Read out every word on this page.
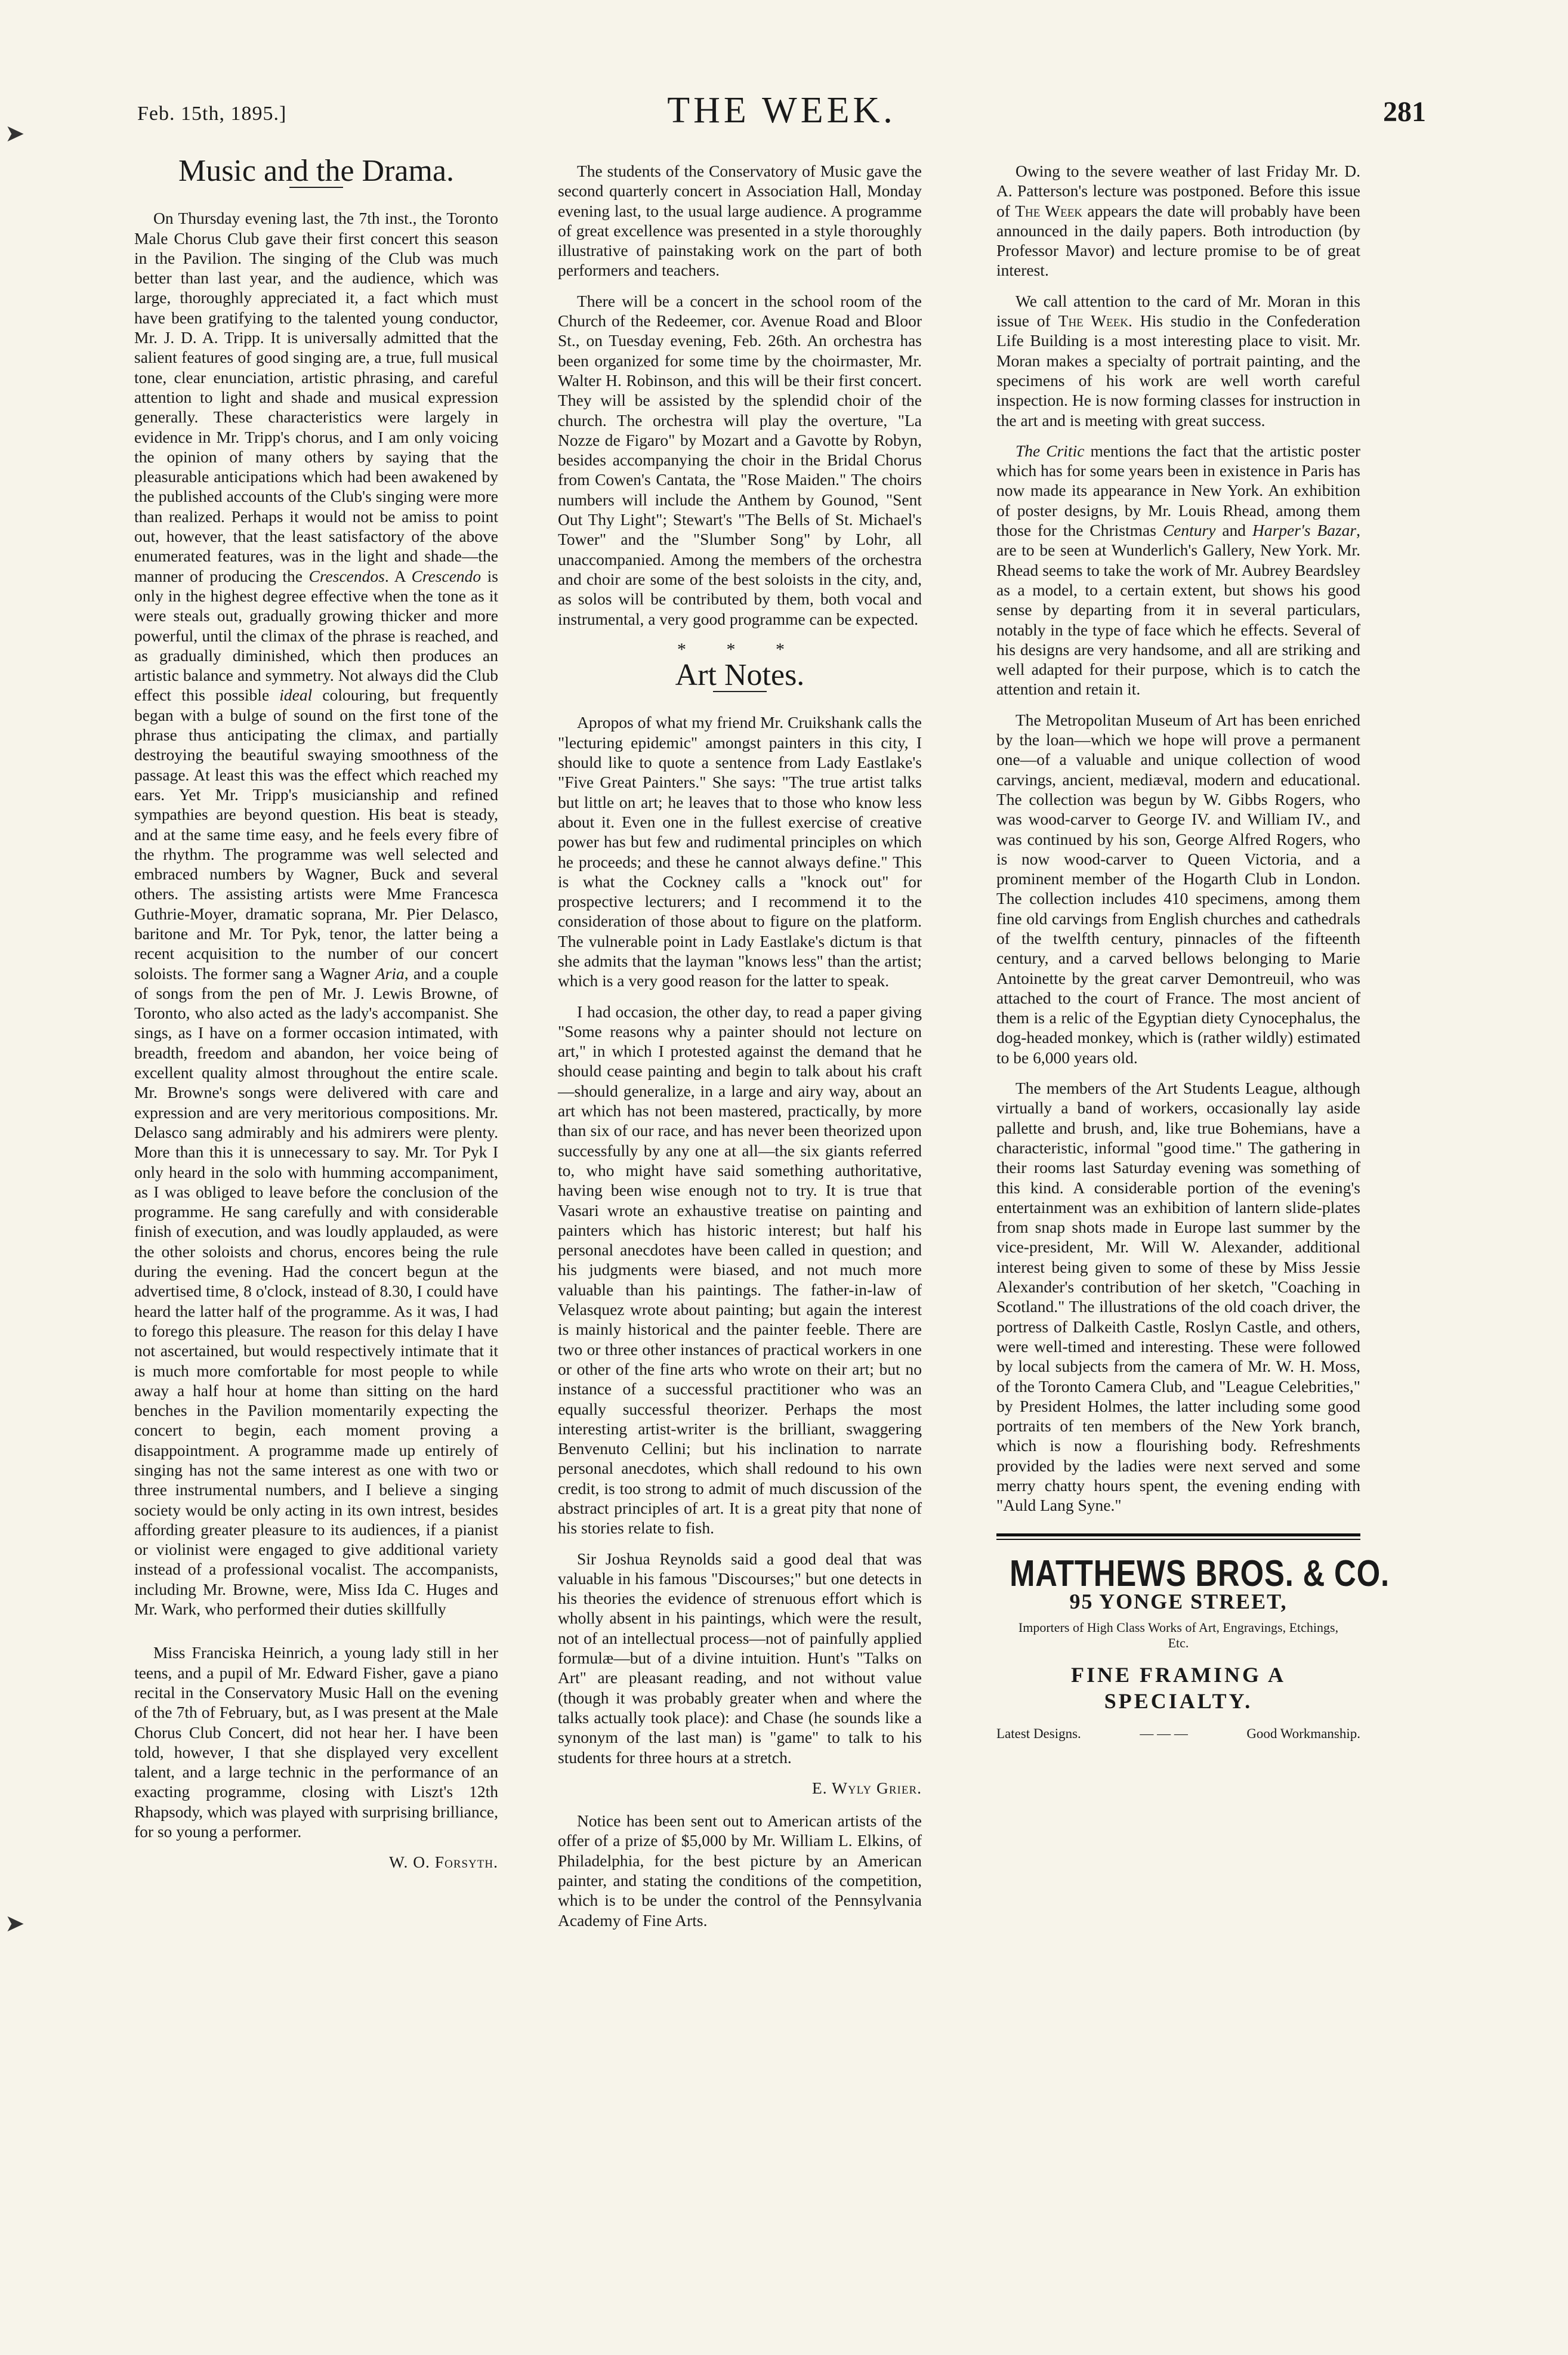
➤
➤
Feb. 15th, 1895.]	THE WEEK.	281
Music and the Drama.

On Thursday evening last, the 7th inst., the Toronto Male Chorus Club gave their first concert this season in the Pavilion. The singing of the Club was much better than last year, and the audience, which was large, thoroughly appreciated it, a fact which must have been gratifying to the talented young conductor, Mr. J. D. A. Tripp. It is universally admitted that the salient features of good singing are, a true, full musical tone, clear enunciation, artistic phrasing, and careful attention to light and shade and musical expression generally. These characteristics were largely in evidence in Mr. Tripp's chorus, and I am only voicing the opinion of many others by saying that the pleasurable anticipations which had been awakened by the published accounts of the Club's singing were more than realized. Perhaps it would not be amiss to point out, however, that the least satisfactory of the above enumerated features, was in the light and shade—the manner of producing the Crescendos. A Crescendo is only in the highest degree effective when the tone as it were steals out, gradually growing thicker and more powerful, until the climax of the phrase is reached, and as gradually diminished, which then produces an artistic balance and symmetry. Not always did the Club effect this possible ideal colouring, but frequently began with a bulge of sound on the first tone of the phrase thus anticipating the climax, and partially destroying the beautiful swaying smoothness of the passage. At least this was the effect which reached my ears. Yet Mr. Tripp's musicianship and refined sympathies are beyond question. His beat is steady, and at the same time easy, and he feels every fibre of the rhythm. The programme was well selected and embraced numbers by Wagner, Buck and several others. The assisting artists were Mme Francesca Guthrie-Moyer, dramatic soprana, Mr. Pier Delasco, baritone and Mr. Tor Pyk, tenor, the latter being a recent acquisition to the number of our concert soloists. The former sang a Wagner Aria, and a couple of songs from the pen of Mr. J. Lewis Browne, of Toronto, who also acted as the lady's accompanist. She sings, as I have on a former occasion intimated, with breadth, freedom and abandon, her voice being of excellent quality almost throughout the entire scale. Mr. Browne's songs were delivered with care and expression and are very meritorious compositions. Mr. Delasco sang admirably and his admirers were plenty. More than this it is unnecessary to say. Mr. Tor Pyk I only heard in the solo with humming accompaniment, as I was obliged to leave before the conclusion of the programme. He sang carefully and with considerable finish of execution, and was loudly applauded, as were the other soloists and chorus, encores being the rule during the evening. Had the concert begun at the advertised time, 8 o'clock, instead of 8.30, I could have heard the latter half of the programme. As it was, I had to forego this pleasure. The reason for this delay I have not ascertained, but would respectively intimate that it is much more comfortable for most people to while away a half hour at home than sitting on the hard benches in the Pavilion momentarily expecting the concert to begin, each moment proving a disappointment. A programme made up entirely of singing has not the same interest as one with two or three instrumental numbers, and I believe a singing society would be only acting in its own intrest, besides affording greater pleasure to its audiences, if a pianist or violinist were engaged to give additional variety instead of a professional vocalist. The accompanists, including Mr. Browne, were, Miss Ida C. Huges and Mr. Wark, who performed their duties skillfully

Miss Franciska Heinrich, a young lady still in her teens, and a pupil of Mr. Edward Fisher, gave a piano recital in the Conservatory Music Hall on the evening of the 7th of February, but, as I was present at the Male Chorus Club Concert, did not hear her. I have been told, however, I that she displayed very excellent talent, and a large technic in the performance of an exacting programme, closing with Liszt's 12th Rhapsody, which was played with surprising brilliance, for so young a performer.

W. O. Forsyth.

The students of the Conservatory of Music gave the second quarterly concert in Association Hall, Monday evening last, to the usual large audience. A programme of great excellence was presented in a style thoroughly illustrative of painstaking work on the part of both performers and teachers.

There will be a concert in the school room of the Church of the Redeemer, cor. Avenue Road and Bloor St., on Tuesday evening, Feb. 26th. An orchestra has been organized for some time by the choirmaster, Mr. Walter H. Robinson, and this will be their first concert. They will be assisted by the splendid choir of the church. The orchestra will play the overture, "La Nozze de Figaro" by Mozart and a Gavotte by Robyn, besides accompanying the choir in the Bridal Chorus from Cowen's Cantata, the "Rose Maiden." The choirs numbers will include the Anthem by Gounod, "Sent Out Thy Light"; Stewart's "The Bells of St. Michael's Tower" and the "Slumber Song" by Lohr, all unaccompanied. Among the members of the orchestra and choir are some of the best soloists in the city, and, as solos will be contributed by them, both vocal and instrumental, a very good programme can be expected.

* * *
Art Notes.

Apropos of what my friend Mr. Cruikshank calls the "lecturing epidemic" amongst painters in this city, I should like to quote a sentence from Lady Eastlake's "Five Great Painters." She says: "The true artist talks but little on art; he leaves that to those who know less about it. Even one in the fullest exercise of creative power has but few and rudimental principles on which he proceeds; and these he cannot always define." This is what the Cockney calls a "knock out" for prospective lecturers; and I recommend it to the consideration of those about to figure on the platform. The vulnerable point in Lady Eastlake's dictum is that she admits that the layman "knows less" than the artist; which is a very good reason for the latter to speak.

I had occasion, the other day, to read a paper giving "Some reasons why a painter should not lecture on art," in which I protested against the demand that he should cease painting and begin to talk about his craft—should generalize, in a large and airy way, about an art which has not been mastered, practically, by more than six of our race, and has never been theorized upon successfully by any one at all—the six giants referred to, who might have said something authoritative, having been wise enough not to try. It is true that Vasari wrote an exhaustive treatise on painting and painters which has historic interest; but half his personal anecdotes have been called in question; and his judgments were biased, and not much more valuable than his paintings. The father-in-law of Velasquez wrote about painting; but again the interest is mainly historical and the painter feeble. There are two or three other instances of practical workers in one or other of the fine arts who wrote on their art; but no instance of a successful practitioner who was an equally successful theorizer. Perhaps the most interesting artist-writer is the brilliant, swaggering Benvenuto Cellini; but his inclination to narrate personal anecdotes, which shall redound to his own credit, is too strong to admit of much discussion of the abstract principles of art. It is a great pity that none of his stories relate to fish.

Sir Joshua Reynolds said a good deal that was valuable in his famous "Discourses;" but one detects in his theories the evidence of strenuous effort which is wholly absent in his paintings, which were the result, not of an intellectual process—not of painfully applied formulæ—but of a divine intuition. Hunt's "Talks on Art" are pleasant reading, and not without value (though it was probably greater when and where the talks actually took place): and Chase (he sounds like a synonym of the last man) is "game" to talk to his students for three hours at a stretch.

E. Wyly Grier.

Notice has been sent out to American artists of the offer of a prize of $5,000 by Mr. William L. Elkins, of Philadelphia, for the best picture by an American painter, and stating the conditions of the competition, which is to be under the control of the Pennsylvania Academy of Fine Arts.

Owing to the severe weather of last Friday Mr. D. A. Patterson's lecture was postponed. Before this issue of The Week appears the date will probably have been announced in the daily papers. Both introduction (by Professor Mavor) and lecture promise to be of great interest.

We call attention to the card of Mr. Moran in this issue of The Week. His studio in the Confederation Life Building is a most interesting place to visit. Mr. Moran makes a specialty of portrait painting, and the specimens of his work are well worth careful inspection. He is now forming classes for instruction in the art and is meeting with great success.

The Critic mentions the fact that the artistic poster which has for some years been in existence in Paris has now made its appearance in New York. An exhibition of poster designs, by Mr. Louis Rhead, among them those for the Christmas Century and Harper's Bazar, are to be seen at Wunderlich's Gallery, New York. Mr. Rhead seems to take the work of Mr. Aubrey Beardsley as a model, to a certain extent, but shows his good sense by departing from it in several particulars, notably in the type of face which he effects. Several of his designs are very handsome, and all are striking and well adapted for their purpose, which is to catch the attention and retain it.

The Metropolitan Museum of Art has been enriched by the loan—which we hope will prove a permanent one—of a valuable and unique collection of wood carvings, ancient, mediæval, modern and educational. The collection was begun by W. Gibbs Rogers, who was wood-carver to George IV. and William IV., and was continued by his son, George Alfred Rogers, who is now wood-carver to Queen Victoria, and a prominent member of the Hogarth Club in London. The collection includes 410 specimens, among them fine old carvings from English churches and cathedrals of the twelfth century, pinnacles of the fifteenth century, and a carved bellows belonging to Marie Antoinette by the great carver Demontreuil, who was attached to the court of France. The most ancient of them is a relic of the Egyptian diety Cynocephalus, the dog-headed monkey, which is (rather wildly) estimated to be 6,000 years old.

The members of the Art Students League, although virtually a band of workers, occasionally lay aside pallette and brush, and, like true Bohemians, have a characteristic, informal "good time." The gathering in their rooms last Saturday evening was something of this kind. A considerable portion of the evening's entertainment was an exhibition of lantern slide-plates from snap shots made in Europe last summer by the vice-president, Mr. Will W. Alexander, additional interest being given to some of these by Miss Jessie Alexander's contribution of her sketch, "Coaching in Scotland." The illustrations of the old coach driver, the portress of Dalkeith Castle, Roslyn Castle, and others, were well-timed and interesting. These were followed by local subjects from the camera of Mr. W. H. Moss, of the Toronto Camera Club, and "League Celebrities," by President Holmes, the latter including some good portraits of ten members of the New York branch, which is now a flourishing body. Refreshments provided by the ladies were next served and some merry chatty hours spent, the evening ending with "Auld Lang Syne."

MATTHEWS BROS. & CO.
95 YONGE STREET,
Importers of High Class Works of Art, Engravings, Etchings, Etc.
FINE FRAMING A SPECIALTY.
Latest Designs.	— — —	Good Workmanship.
